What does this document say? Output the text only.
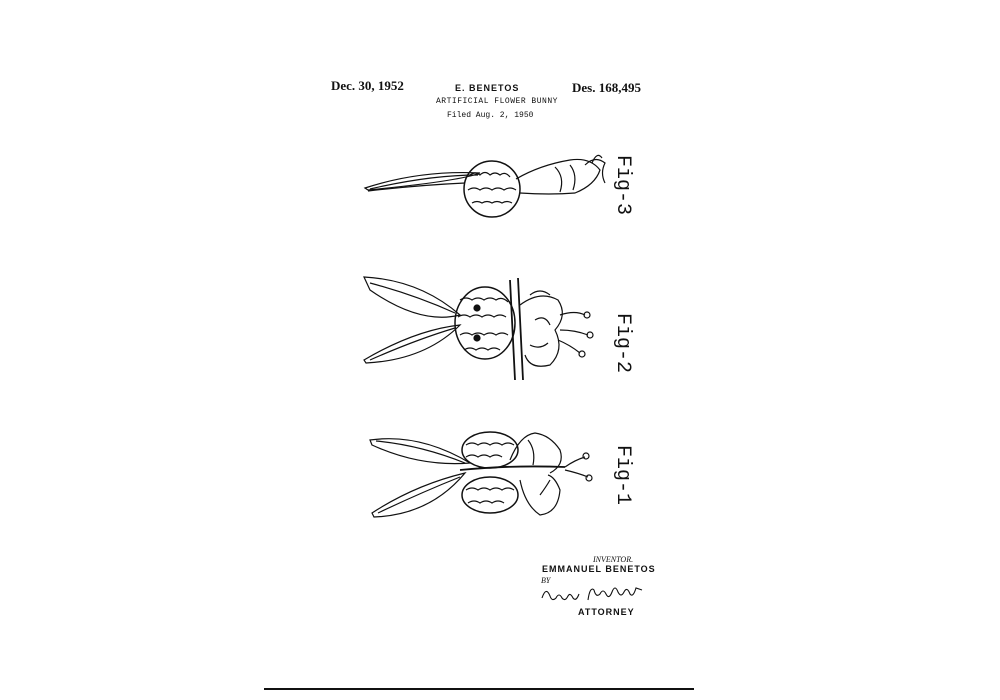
Dec. 30, 1952	E. BENETOS	Des. 168,495
ARTIFICIAL FLOWER BUNNY
Filed Aug. 2, 1950
Fig-3
Fig-2
Fig-1
INVENTOR.
EMMANUEL BENETOS
BY
ATTORNEY
